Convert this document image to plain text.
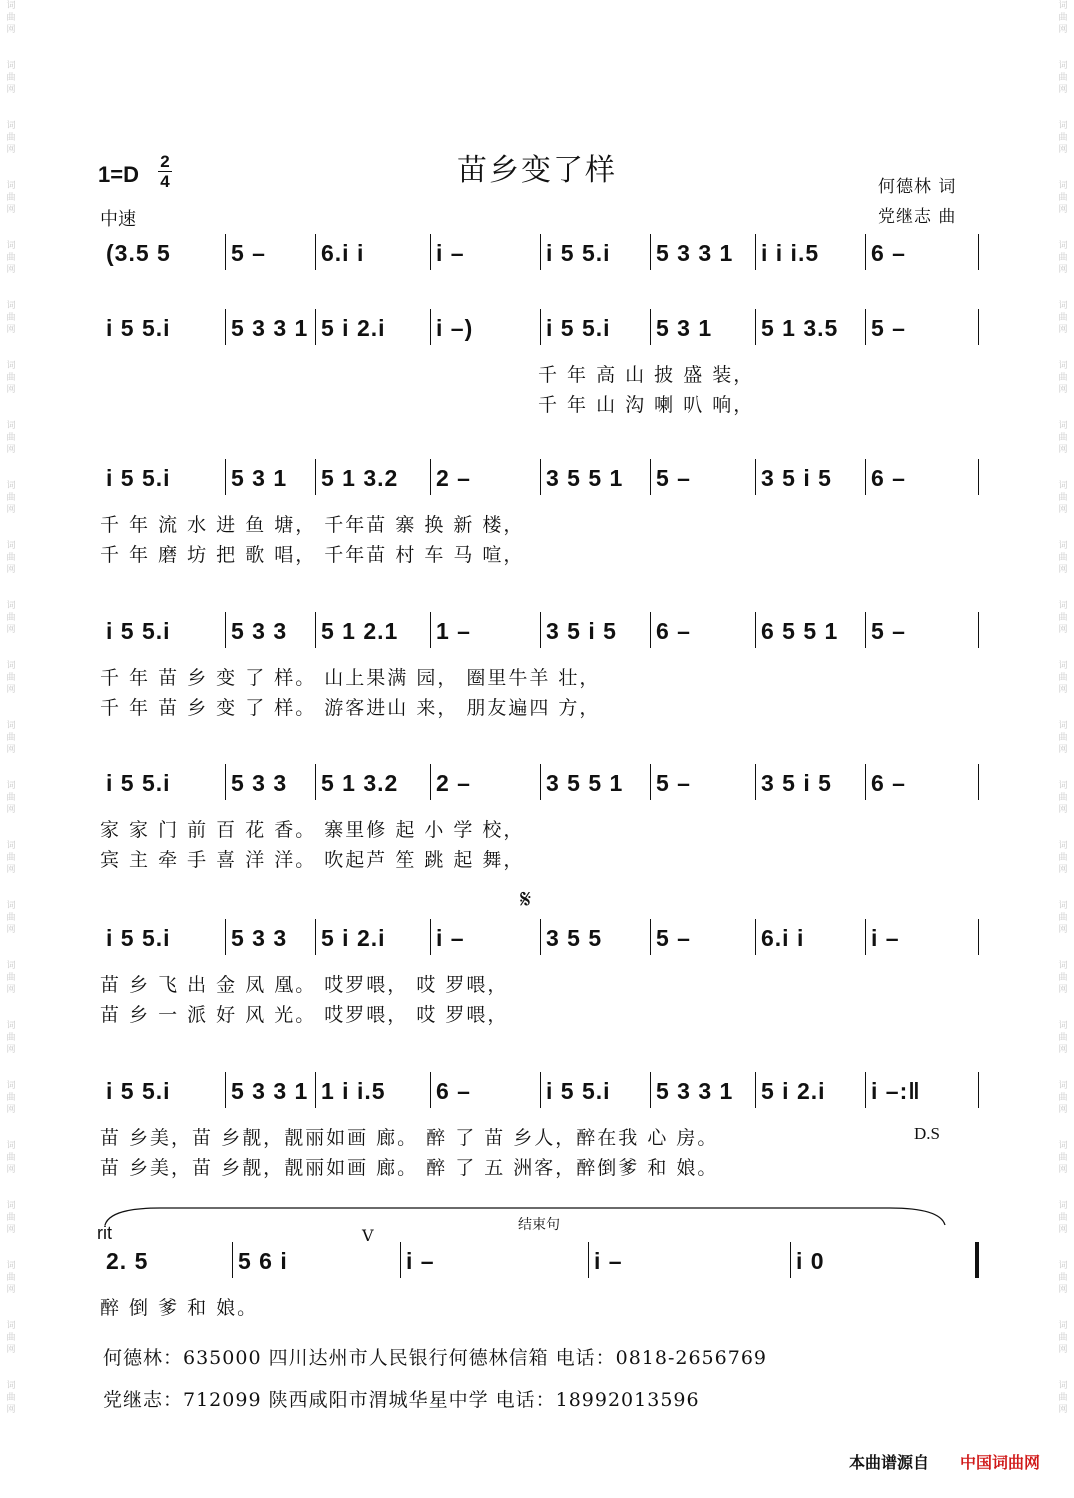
词曲网
词曲网
词曲网
词曲网
词曲网
词曲网
词曲网
词曲网
词曲网
词曲网
词曲网
词曲网
词曲网
词曲网
词曲网
词曲网
词曲网
词曲网
词曲网
词曲网
词曲网
词曲网
词曲网
词曲网
词曲网
词曲网
词曲网
词曲网
词曲网
词曲网
词曲网
词曲网
词曲网
词曲网
词曲网
词曲网
词曲网
词曲网
词曲网
词曲网
词曲网
词曲网
词曲网
词曲网
词曲网
词曲网
词曲网
词曲网
苗乡变了样
1=D
2
4
中速
何德林 词
党继志 曲
(3.5 5	5 – 6.i i	i –	i 5 5.i 5 3 3 1 i i i.5 6 –
i 5 5.i	5 3 3 1 5 i 2.i i –)	i 5 5.i 5 3 1 5 1 3.5 5 –
千 年 高 山 披 盛 装，
千 年 山 沟 喇 叭 响，
i 5 5.i	5 3 1 5 1 3.2 2 –	3 5 5 1 5 –	3 5 i 5 6 –
千 年 流 水 进 鱼 塘， 千年苗 寨 换 新 楼，
千 年 磨 坊 把 歌 唱， 千年苗 村 车 马 喧，
i 5 5.i	5 3 3 5 1 2.1 1 –	3 5 i 5 6 –	6 5 5 1 5 –
千 年 苗 乡 变 了 样。 山上果满 园， 圈里牛羊 壮，
千 年 苗 乡 变 了 样。 游客进山 来， 朋友遍四 方，
i 5 5.i	5 3 3 5 1 3.2 2 –	3 5 5 1 5 –	3 5 i 5 6 –
家 家 门 前 百 花 香。 寨里修 起 小 学 校，
宾 主 牵 手 喜 洋 洋。 吹起芦 笙 跳 起 舞，
i 5 5.i	5 3 3 5 i 2.i i –	3 5 5 5 –	6.i i	i –
苗 乡 飞 出 金 凤 凰。 哎罗喂， 哎 罗喂，
苗 乡 一 派 好 风 光。 哎罗喂， 哎 罗喂，
i 5 5.i	5 3 3 1 1 i i.5 6 –	i 5 5.i 5 3 3 1 5 i 2.i i –:‖
苗 乡美，苗 乡靓，靓丽如画 廊。 醉 了 苗 乡人，醉在我 心 房。
苗 乡美，苗 乡靓，靓丽如画 廊。 醉 了 五 洲客，醉倒爹 和 娘。
2. 5	5 6 i	i –	i –	i 0
醉 倒 爹 和 娘。
𝄋
D.S
rit	结束句
V
何德林：635000 四川达州市人民银行何德林信箱 电话：0818-2656769
党继志：712099 陕西咸阳市渭城华星中学 电话：18992013596
本曲谱源自 中国词曲网
